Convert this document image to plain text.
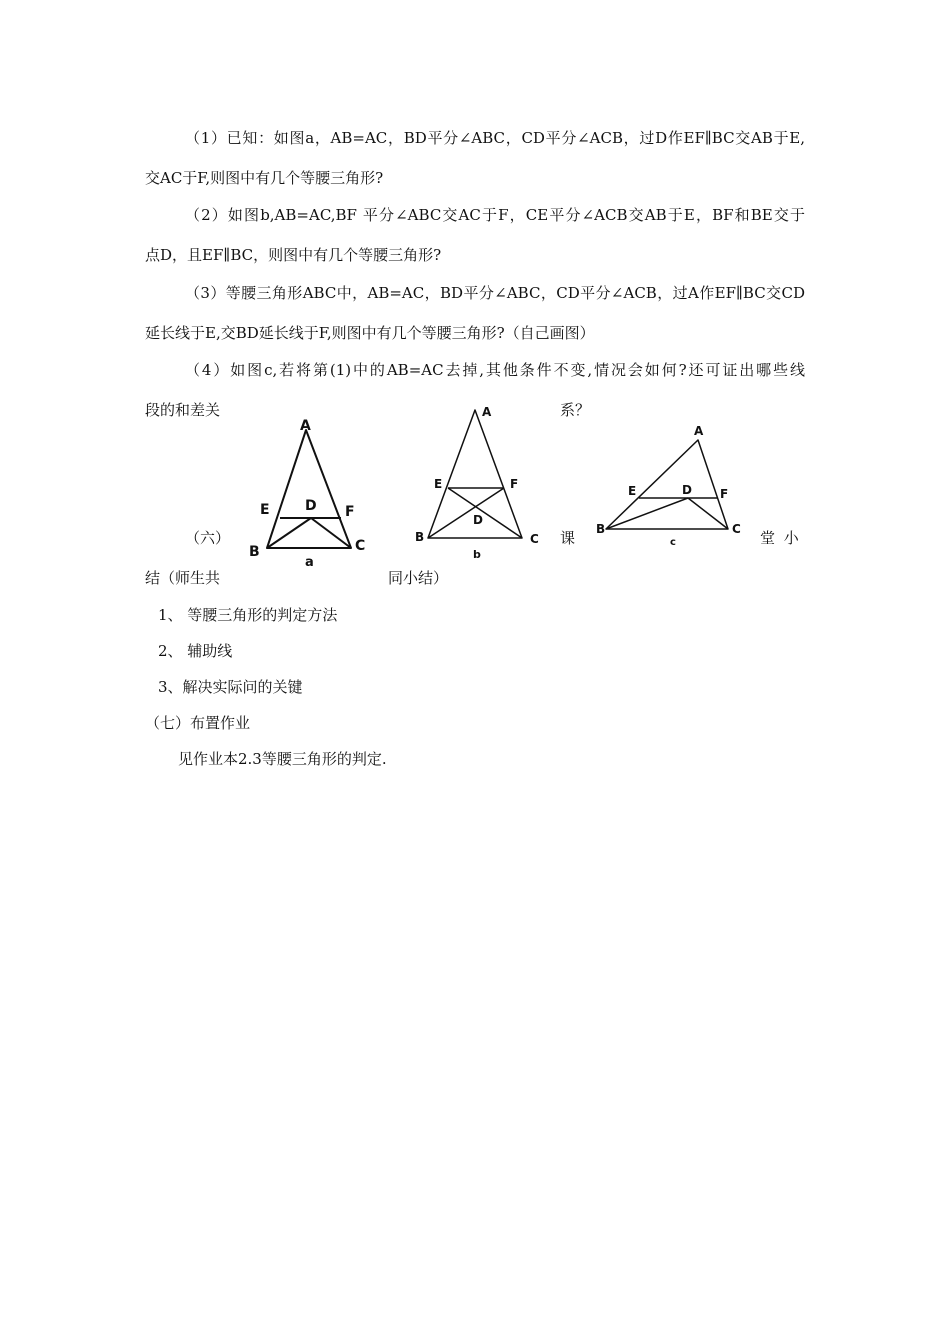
（1）已知：如图a，AB=AC，BD平分∠ABC，CD平分∠ACB，过D作EF∥BC交AB于E,
交AC于F,则图中有几个等腰三角形?
（2）如图b,AB=AC,BF 平分∠ABC交AC于F，CE平分∠ACB交AB于E，BF和BE交于
点D，且EF∥BC，则图中有几个等腰三角形?
（3）等腰三角形ABC中，AB=AC，BD平分∠ABC，CD平分∠ACB，过A作EF∥BC交CD
延长线于E,交BD延长线于F,则图中有几个等腰三角形?（自己画图）
（4）如图c,若将第(1)中的AB=AC去掉,其他条件不变,情况会如何?还可证出哪些线
段的和差关	系？
A
E	D F
B	C
a
A
E	F
D
B	C
b
A
E	D F
B	C
c
（六）	课	堂 小
结（师生共	同小结）
1、 等腰三角形的判定方法
2、 辅助线
3、解决实际问的关键
（七）布置作业
见作业本2.3等腰三角形的判定.
